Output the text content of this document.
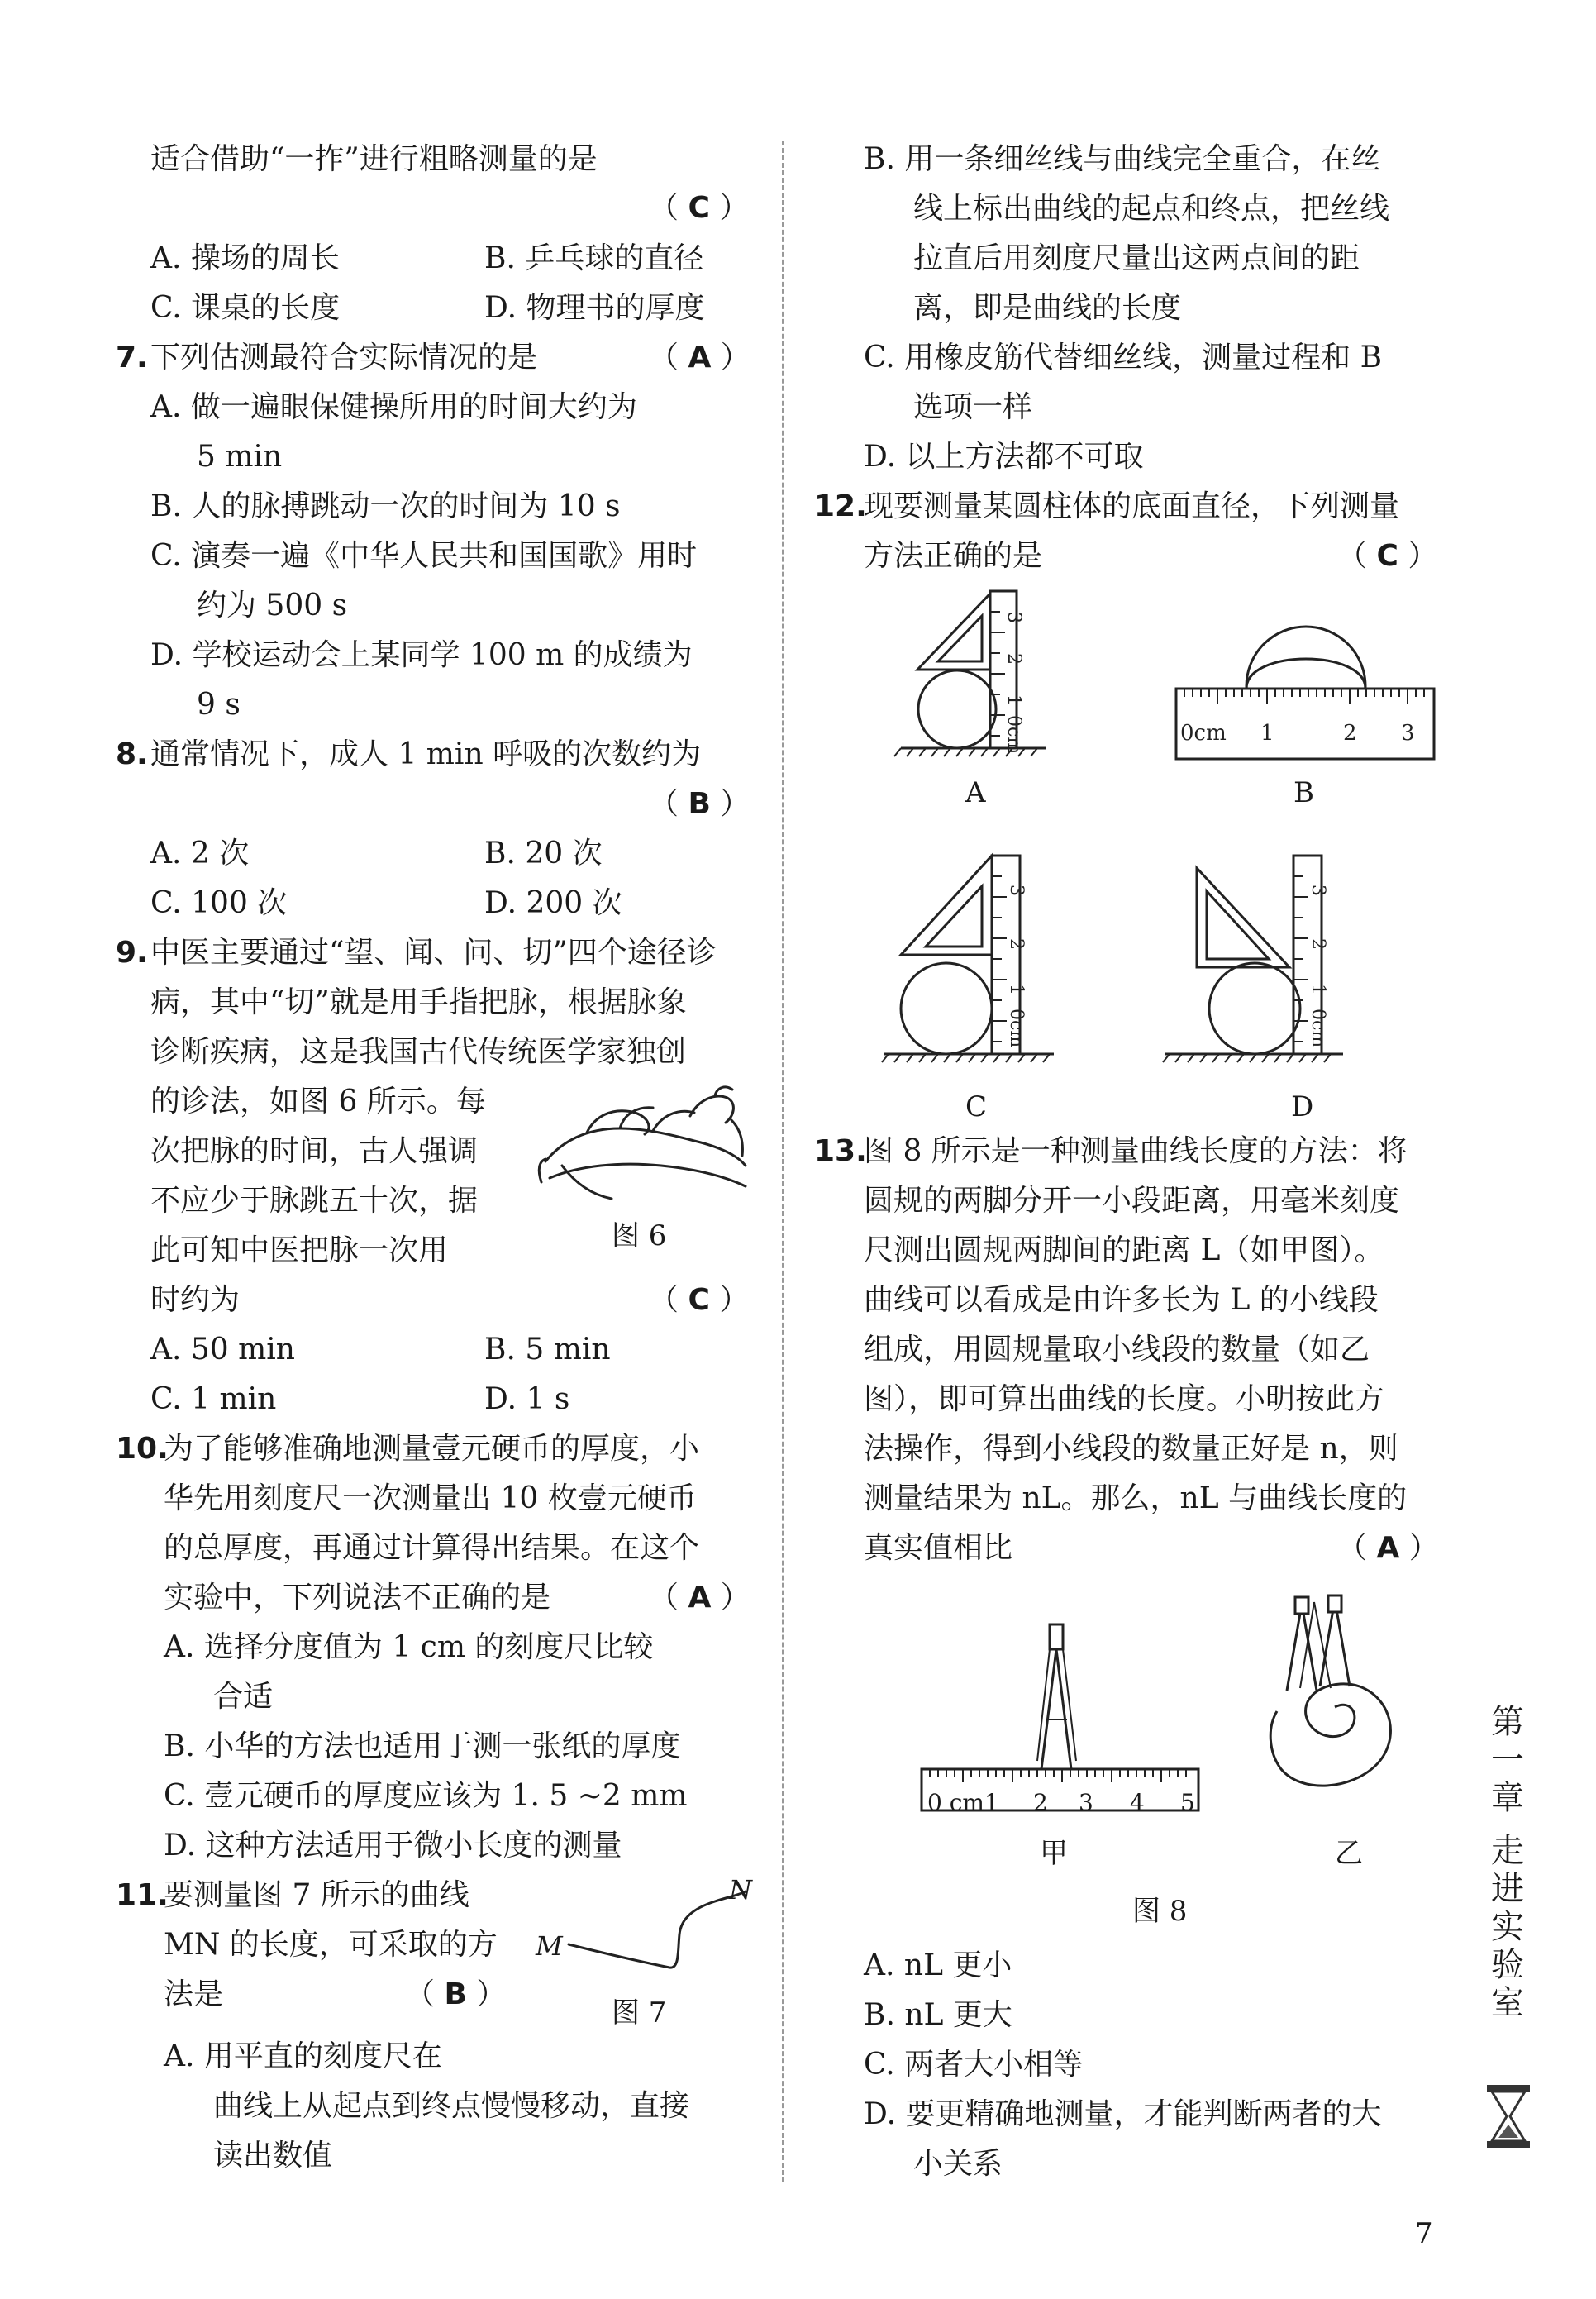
适合借助“一拃”进行粗略测量的是
（ C ）
A. 操场的周长	B. 乒乓球的直径
C. 课桌的长度	D. 物理书的厚度
7. 下列估测最符合实际情况的是	（ A ）
A. 做一遍眼保健操所用的时间大约为
5 min
B. 人的脉搏跳动一次的时间为 10 s
C. 演奏一遍《中华人民共和国国歌》用时
约为 500 s
D. 学校运动会上某同学 100 m 的成绩为
9 s
8. 通常情况下，成人 1 min 呼吸的次数约为
（ B ）
A. 2 次	B. 20 次
C. 100 次	D. 200 次
9. 中医主要通过“望、闻、问、切”四个途径诊
病，其中“切”就是用手指把脉，根据脉象
诊断疾病，这是我国古代传统医学家独创
的诊法，如图 6 所示。每
次把脉的时间，古人强调
不应少于脉跳五十次，据
此可知中医把脉一次用
时约为	（ C ）
图 6
A. 50 min	B. 5 min
C. 1 min	D. 1 s
10.
为了能够准确地测量壹元硬币的厚度，小
华先用刻度尺一次测量出 10 枚壹元硬币
的总厚度，再通过计算得出结果。在这个
实验中，下列说法不正确的是	（ A ）
A. 选择分度值为 1 cm 的刻度尺比较
合适
B. 小华的方法也适用于测一张纸的厚度
C. 壹元硬币的厚度应该为 1. 5 ~2 mm
D. 这种方法适用于微小长度的测量
11.
要测量图 7 所示的曲线
MN 的长度，可采取的方
法是	（ B ）
M
N
图 7
A. 用平直的刻度尺在
曲线上从起点到终点慢慢移动，直接
读出数值
B. 用一条细丝线与曲线完全重合，在丝
线上标出曲线的起点和终点，把丝线
拉直后用刻度尺量出这两点间的距
离，即是曲线的长度
C. 用橡皮筋代替细丝线，测量过程和 B
选项一样
D. 以上方法都不可取
12.
现要测量某圆柱体的底面直径，下列测量
方法正确的是	（ C ）
3
2
1
0cm
A
0cm 1	2 3
B
3
2
1
0cm
C
3
2
1
0cm
D
13.
图 8 所示是一种测量曲线长度的方法：将
圆规的两脚分开一小段距离，用毫米刻度
尺测出圆规两脚间的距离 L（如甲图）。
曲线可以看成是由许多长为 L 的小线段
组成，用圆规量取小线段的数量（如乙
图），即可算出曲线的长度。小明按此方
法操作，得到小线段的数量正好是 n，则
测量结果为 nL。那么，nL 与曲线长度的
真实值相比	（ A ）
0 cm1 2 3 4 5
甲	乙
图 8
A. nL 更小
B. nL 更大
C. 两者大小相等
D. 要更精确地测量，才能判断两者的大
小关系
第
一
章
走
进
实
验
室
7
